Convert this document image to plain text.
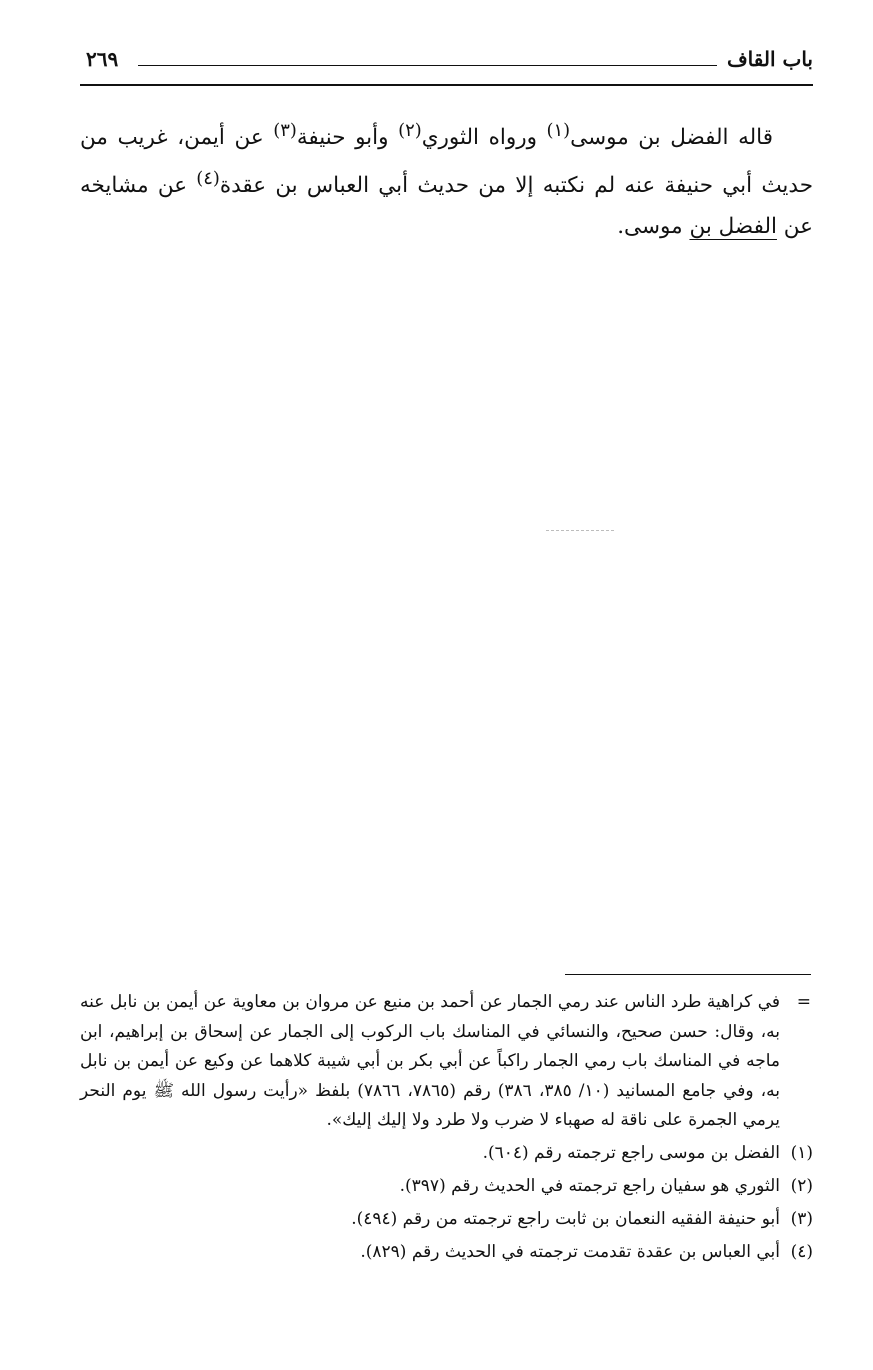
باب القاف
٢٦٩

قاله الفضل بن موسى$^{(١)}$ ورواه الثوري$^{(٢)}$ وأبو حنيفة$^{(٣)}$ عن أيمن، غريب من حديث أبي حنيفة عنه لم نكتبه إلا من حديث أبي العباس بن عقدة$^{(٤)}$ عن مشايخه عن الفضل بن موسى.

=
في كراهية طرد الناس عند رمي الجمار عن أحمد بن منيع عن مروان بن معاوية عن أيمن بن نابل عنه به، وقال: حسن صحيح، والنسائي في المناسك باب الركوب إلى الجمار عن إسحاق بن إبراهيم، ابن ماجه في المناسك باب رمي الجمار راكباً عن أبي بكر بن أبي شيبة كلاهما عن وكيع عن أيمن بن نابل به، وفي جامع المسانيد (١٠/ ٣٨٥، ٣٨٦) رقم (٧٨٦٥، ٧٨٦٦) بلفظ «رأيت رسول الله ﷺ يوم النحر يرمي الجمرة على ناقة له صهباء لا ضرب ولا طرد ولا إليك إليك».
(١)
الفضل بن موسى راجع ترجمته رقم (٦٠٤).
(٢)
الثوري هو سفيان راجع ترجمته في الحديث رقم (٣٩٧).
(٣)
أبو حنيفة الفقيه النعمان بن ثابت راجع ترجمته من رقم (٤٩٤).
(٤)
أبي العباس بن عقدة تقدمت ترجمته في الحديث رقم (٨٢٩).
